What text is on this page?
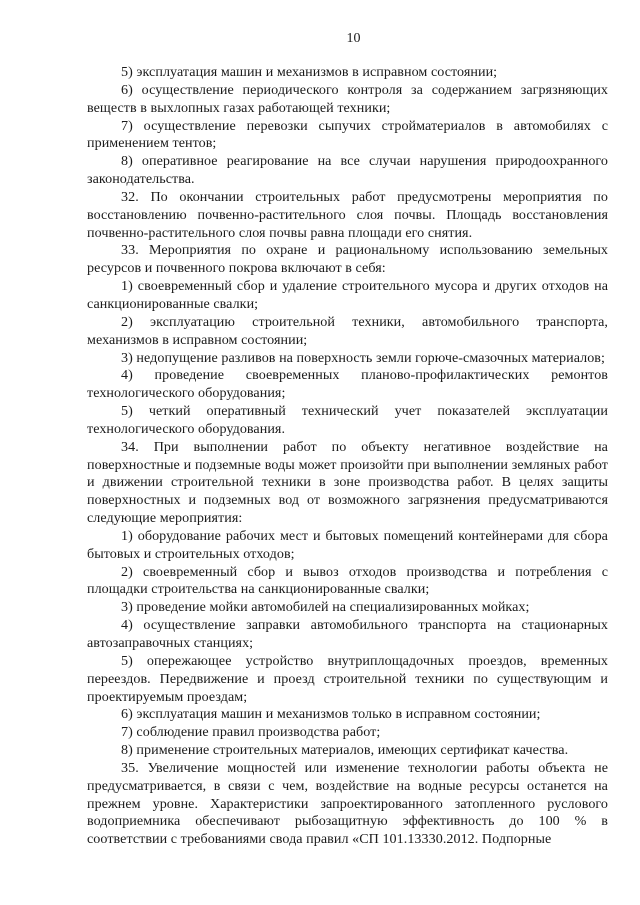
10

5) эксплуатация машин и механизмов в исправном состоянии;

6) осуществление периодического контроля за содержанием загрязняющих веществ в выхлопных газах работающей техники;

7) осуществление перевозки сыпучих стройматериалов в автомобилях с применением тентов;

8) оперативное реагирование на все случаи нарушения природоохранного законодательства.

32. По окончании строительных работ предусмотрены мероприятия по восстановлению почвенно-растительного слоя почвы. Площадь восстановления почвенно-растительного слоя почвы равна площади его снятия.

33. Мероприятия по охране и рациональному использованию земельных ресурсов и почвенного покрова включают в себя:

1) своевременный сбор и удаление строительного мусора и других отходов на санкционированные свалки;

2) эксплуатацию строительной техники, автомобильного транспорта, механизмов в исправном состоянии;

3) недопущение разливов на поверхность земли горюче-смазочных материалов;

4) проведение своевременных планово-профилактических ремонтов технологического оборудования;

5) четкий оперативный технический учет показателей эксплуатации технологического оборудования.

34. При выполнении работ по объекту негативное воздействие на поверхностные и подземные воды может произойти при выполнении земляных работ и движении строительной техники в зоне производства работ. В целях защиты поверхностных и подземных вод от возможного загрязнения предусматриваются следующие мероприятия:

1) оборудование рабочих мест и бытовых помещений контейнерами для сбора бытовых и строительных отходов;

2) своевременный сбор и вывоз отходов производства и потребления с площадки строительства на санкционированные свалки;

3) проведение мойки автомобилей на специализированных мойках;

4) осуществление заправки автомобильного транспорта на стационарных автозаправочных станциях;

5) опережающее устройство внутриплощадочных проездов, временных переездов. Передвижение и проезд строительной техники по существующим и проектируемым проездам;

6) эксплуатация машин и механизмов только в исправном состоянии;

7) соблюдение правил производства работ;

8) применение строительных материалов, имеющих сертификат качества.

35. Увеличение мощностей или изменение технологии работы объекта не предусматривается, в связи с чем, воздействие на водные ресурсы останется на прежнем уровне. Характеристики запроектированного затопленного руслового водоприемника обеспечивают рыбозащитную эффективность до 100 % в соответствии с требованиями свода правил «СП 101.13330.2012. Подпорные
